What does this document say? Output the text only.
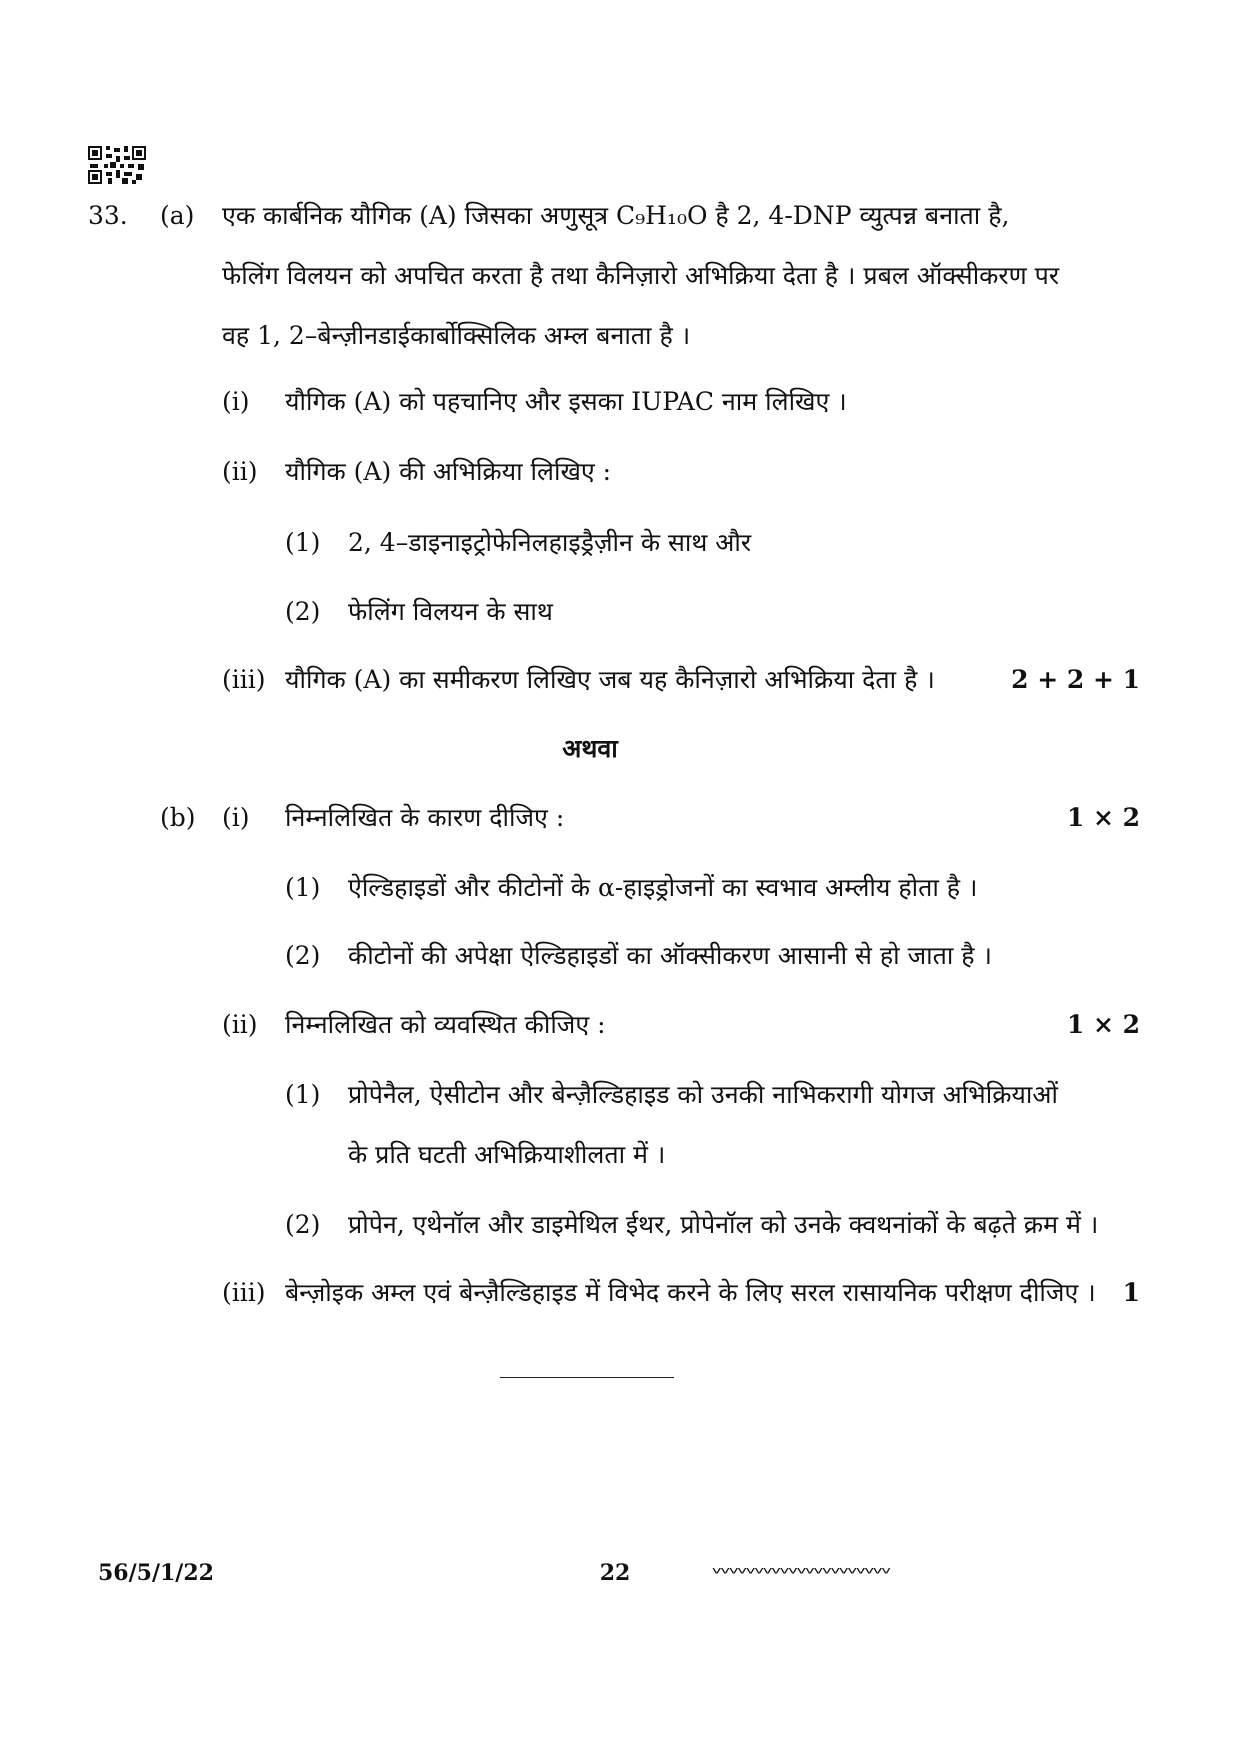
33. (a) एक कार्बनिक यौगिक (A) जिसका अणुसूत्र C₉H₁₀O है 2, 4-DNP व्युत्पन्न बनाता है,
फेलिंग विलयन को अपचित करता है तथा कैनिज़ारो अभिक्रिया देता है । प्रबल ऑक्सीकरण पर
वह 1, 2–बेन्ज़ीनडाईकार्बोक्सिलिक अम्ल बनाता है ।
(i) यौगिक (A) को पहचानिए और इसका IUPAC नाम लिखिए ।
(ii) यौगिक (A) की अभिक्रिया लिखिए :
(1) 2, 4–डाइनाइट्रोफेनिलहाइड्रैज़ीन के साथ और
(2) फेलिंग विलयन के साथ
(iii) यौगिक (A) का समीकरण लिखिए जब यह कैनिज़ारो अभिक्रिया देता है ।	2 + 2 + 1
अथवा
(b) (i) निम्नलिखित के कारण दीजिए :	1 × 2
(1) ऐल्डिहाइडों और कीटोनों के α-हाइड्रोजनों का स्वभाव अम्लीय होता है ।
(2) कीटोनों की अपेक्षा ऐल्डिहाइडों का ऑक्सीकरण आसानी से हो जाता है ।
(ii) निम्नलिखित को व्यवस्थित कीजिए :	1 × 2
(1) प्रोपेनैल, ऐसीटोन और बेन्ज़ैल्डिहाइड को उनकी नाभिकरागी योगज अभिक्रियाओं
के प्रति घटती अभिक्रियाशीलता में ।
(2) प्रोपेन, एथेनॉल और डाइमेथिल ईथर, प्रोपेनॉल को उनके क्वथनांकों के बढ़ते क्रम में ।
(iii) बेन्ज़ोइक अम्ल एवं बेन्ज़ैल्डिहाइड में विभेद करने के लिए सरल रासायनिक परीक्षण दीजिए ।	1
56/5/1/22	22	ʌʌʌʌʌʌʌʌʌʌʌʌʌʌʌʌʌʌʌʌʌ
